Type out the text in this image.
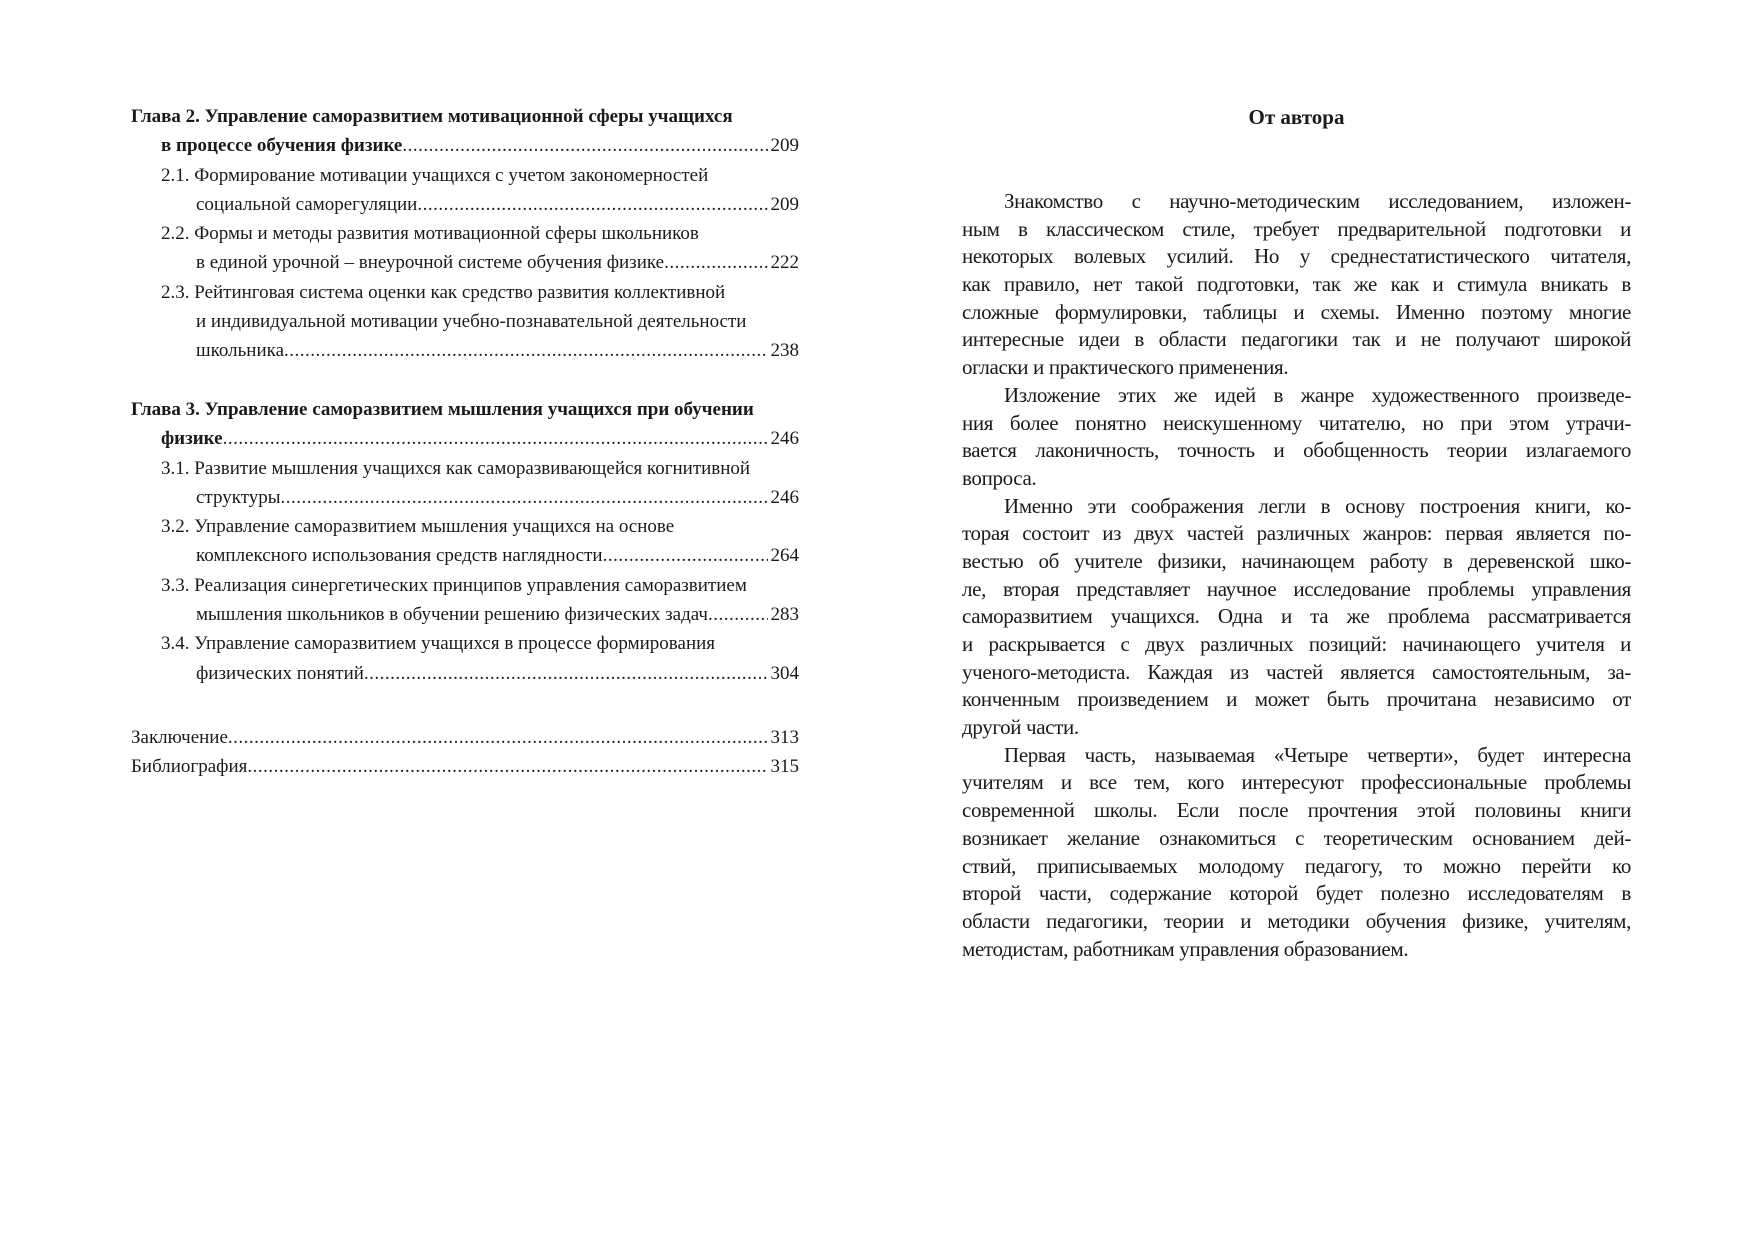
Глава 2. Управление саморазвитием мотивационной сферы учащихся
в процессе обучения физике .....	209
2.1. Формирование мотивации учащихся с учетом закономерностей
социальной саморегуляции .....	209
2.2. Формы и методы развития мотивационной сферы школьников
в единой урочной – внеурочной системе обучения физике .....	222
2.3. Рейтинговая система оценки как средство развития коллективной
и индивидуальной мотивации учебно-познавательной деятельности
школьника .....	238
Глава 3. Управление саморазвитием мышления учащихся при обучении
физике .....	246
3.1. Развитие мышления учащихся как саморазвивающейся когнитивной
структуры .....	246
3.2. Управление саморазвитием мышления учащихся на основе
комплексного использования средств наглядности .....	264
3.3. Реализация синергетических принципов управления саморазвитием
мышления школьников в обучении решению физических задач .....	283
3.4. Управление саморазвитием учащихся в процессе формирования
физических понятий .....	304
Заключение .....	313
Библиография .....	315
От автора
Знакомство с научно-методическим исследованием, изложен-
ным в классическом стиле, требует предварительной подготовки и
некоторых волевых усилий. Но у среднестатистического читателя,
как правило, нет такой подготовки, так же как и стимула вникать в
сложные формулировки, таблицы и схемы. Именно поэтому многие
интересные идеи в области педагогики так и не получают широкой
огласки и практического применения.
Изложение этих же идей в жанре художественного произведе-
ния более понятно неискушенному читателю, но при этом утрачи-
вается лаконичность, точность и обобщенность теории излагаемого
вопроса.
Именно эти соображения легли в основу построения книги, ко-
торая состоит из двух частей различных жанров: первая является по-
вестью об учителе физики, начинающем работу в деревенской шко-
ле, вторая представляет научное исследование проблемы управления
саморазвитием учащихся. Одна и та же проблема рассматривается
и раскрывается с двух различных позиций: начинающего учителя и
ученого-методиста. Каждая из частей является самостоятельным, за-
конченным произведением и может быть прочитана независимо от
другой части.
Первая часть, называемая «Четыре четверти», будет интересна
учителям и все тем, кого интересуют профессиональные проблемы
современной школы. Если после прочтения этой половины книги
возникает желание ознакомиться с теоретическим основанием дей-
ствий, приписываемых молодому педагогу, то можно перейти ко
второй части, содержание которой будет полезно исследователям в
области педагогики, теории и методики обучения физике, учителям,
методистам, работникам управления образованием.
